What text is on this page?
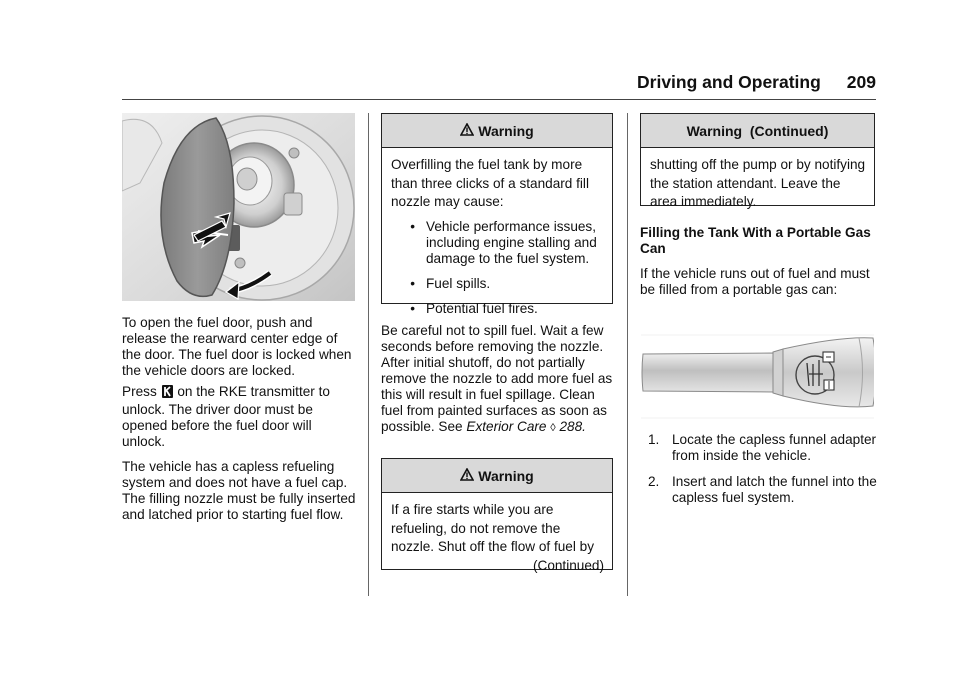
Driving and Operating 209

To open the fuel door, push and release the rearward center edge of the door. The fuel door is locked when the vehicle doors are locked.

Press on the RKE transmitter to unlock. The driver door must be opened before the fuel door will unlock.

The vehicle has a capless refueling system and does not have a fuel cap. The filling nozzle must be fully inserted and latched prior to starting fuel flow.

Warning
Overfilling the fuel tank by more than three clicks of a standard fill nozzle may cause:
• Vehicle performance issues, including engine stalling and damage to the fuel system.
• Fuel spills.
• Potential fuel fires.

Be careful not to spill fuel. Wait a few seconds before removing the nozzle. After initial shutoff, do not partially remove the nozzle to add more fuel as this will result in fuel spillage. Clean fuel from painted surfaces as soon as possible. See Exterior Care ◊ 288.

Warning
If a fire starts while you are refueling, do not remove the nozzle. Shut off the flow of fuel by
(Continued)
Warning  (Continued)
shutting off the pump or by notifying the station attendant. Leave the area immediately.

Filling the Tank With a Portable Gas Can

If the vehicle runs out of fuel and must be filled from a portable gas can:

1. Locate the capless funnel adapter from inside the vehicle.
2. Insert and latch the funnel into the capless fuel system.
